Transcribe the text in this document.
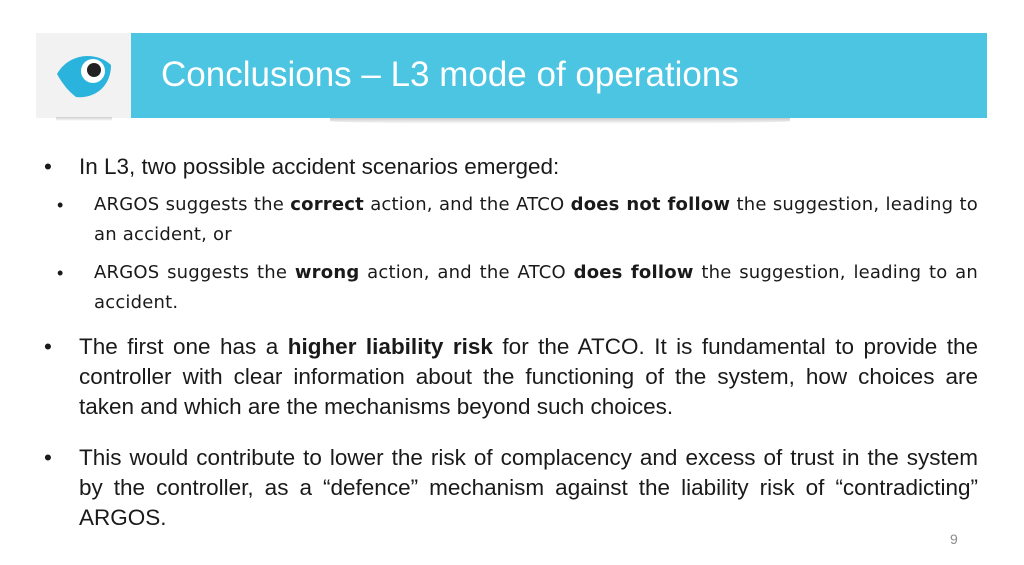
Conclusions – L3 mode of operations
• In L3, two possible accident scenarios emerged:
• ARGOS suggests the correct action, and the ATCO does not follow the suggestion, leading to an accident, or
• ARGOS suggests the wrong action, and the ATCO does follow the suggestion, leading to an accident.
• The first one has a higher liability risk for the ATCO. It is fundamental to provide the controller with clear information about the functioning of the system, how choices are taken and which are the mechanisms beyond such choices.
• This would contribute to lower the risk of complacency and excess of trust in the system by the controller, as a “defence” mechanism against the liability risk of “contradicting” ARGOS.
9
